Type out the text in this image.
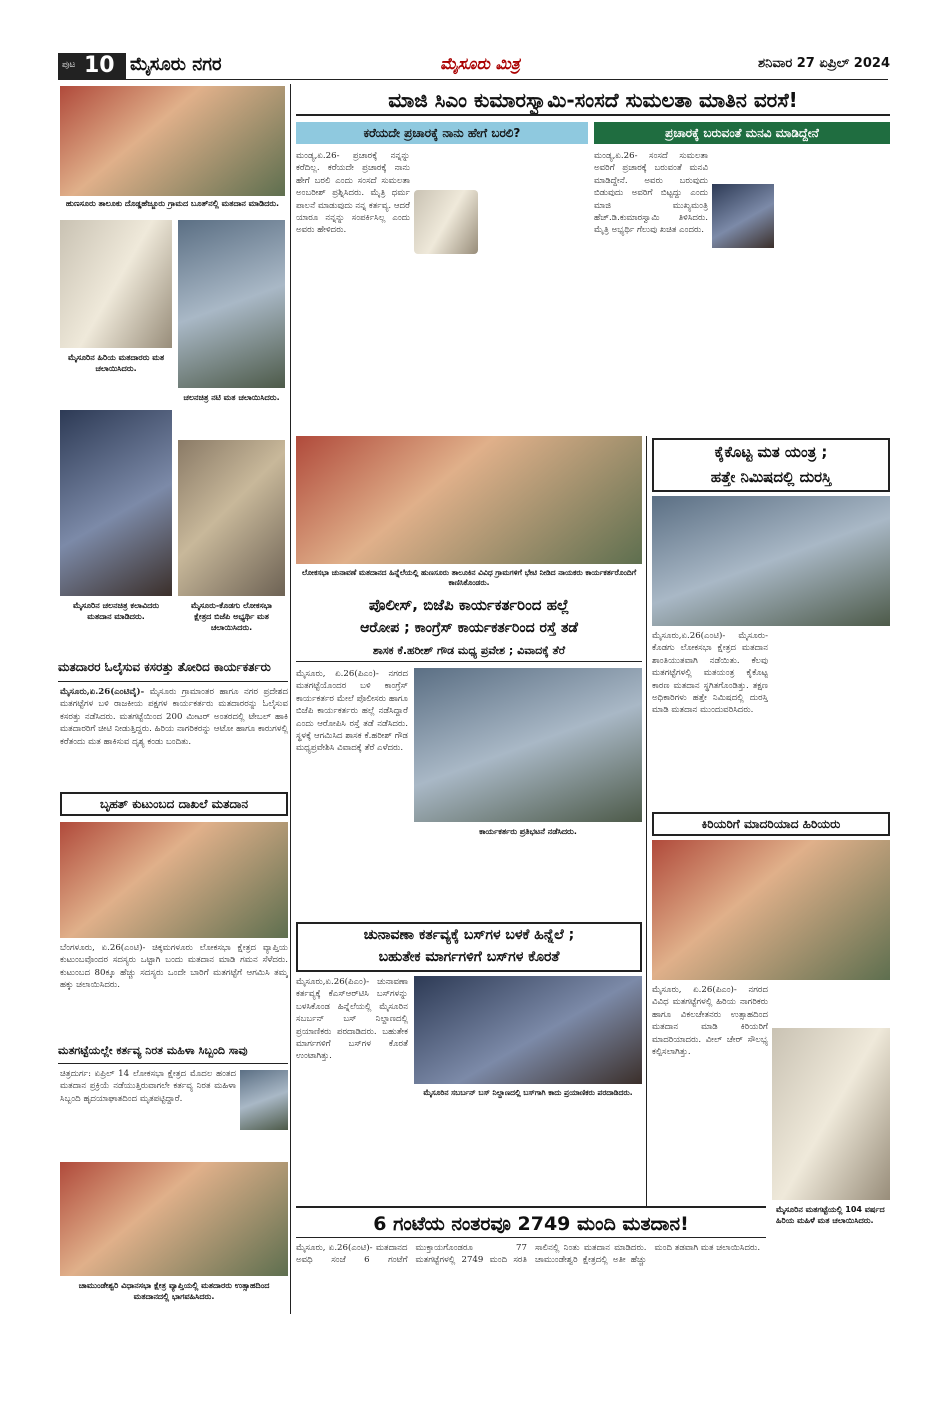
ಪುಟ 10 ಮೈಸೂರು ನಗರ	ಮೈಸೂರು ಮಿತ್ರ	ಶನಿವಾರ 27 ಏಪ್ರಿಲ್ 2024
ಹುಣಸೂರು ತಾಲೂಕು ದೊಡ್ಡಹೆಜ್ಜೂರು ಗ್ರಾಮದ ಬೂತ್‌ನಲ್ಲಿ ಮತದಾನ ಮಾಡಿದರು.
ಮೈಸೂರಿನ ಹಿರಿಯ ಮತದಾರರು ಮತ ಚಲಾಯಿಸಿದರು.
ಚಲನಚಿತ್ರ ನಟಿ ಮತ ಚಲಾಯಿಸಿದರು.
ಮೈಸೂರಿನ ಚಲನಚಿತ್ರ ಕಲಾವಿದರು ಮತದಾನ ಮಾಡಿದರು.
ಮೈಸೂರು-ಕೊಡಗು ಲೋಕಸಭಾ ಕ್ಷೇತ್ರದ ಬಿಜೆಪಿ ಅಭ್ಯರ್ಥಿ ಮತ ಚಲಾಯಿಸಿದರು.
ಮತದಾರರ ಓಲೈಸುವ ಕಸರತ್ತು ತೋರಿದ ಕಾರ್ಯಕರ್ತರು
ಮೈಸೂರು,ಏ.26(ಎಂಟಿವೈ)- ಮೈಸೂರು ಗ್ರಾಮಾಂತರ ಹಾಗೂ ನಗರ ಪ್ರದೇಶದ ಮತಗಟ್ಟೆಗಳ ಬಳಿ ರಾಜಕೀಯ ಪಕ್ಷಗಳ ಕಾರ್ಯಕರ್ತರು ಮತದಾರರನ್ನು ಓಲೈಸುವ ಕಸರತ್ತು ನಡೆಸಿದರು. ಮತಗಟ್ಟೆಯಿಂದ 200 ಮೀಟರ್ ಅಂತರದಲ್ಲಿ ಟೇಬಲ್ ಹಾಕಿ ಮತದಾರರಿಗೆ ಚೀಟಿ ನೀಡುತ್ತಿದ್ದರು. ಹಿರಿಯ ನಾಗರಿಕರನ್ನು ಆಟೋ ಹಾಗೂ ಕಾರುಗಳಲ್ಲಿ ಕರೆತಂದು ಮತ ಹಾಕಿಸುವ ದೃಶ್ಯ ಕಂಡು ಬಂದಿತು.
ಬೃಹತ್ ಕುಟುಂಬದ ದಾಖಲೆ ಮತದಾನ
ಬೆಂಗಳೂರು, ಏ.26(ಎಂಟಿ)- ಚಿಕ್ಕಮಗಳೂರು ಲೋಕಸಭಾ ಕ್ಷೇತ್ರದ ವ್ಯಾಪ್ತಿಯ ಕುಟುಂಬವೊಂದರ ಸದಸ್ಯರು ಒಟ್ಟಾಗಿ ಬಂದು ಮತದಾನ ಮಾಡಿ ಗಮನ ಸೆಳೆದರು. ಕುಟುಂಬದ 80ಕ್ಕೂ ಹೆಚ್ಚು ಸದಸ್ಯರು ಒಂದೇ ಬಾರಿಗೆ ಮತಗಟ್ಟೆಗೆ ಆಗಮಿಸಿ ತಮ್ಮ ಹಕ್ಕು ಚಲಾಯಿಸಿದರು.
ಮತಗಟ್ಟೆಯಲ್ಲೇ ಕರ್ತವ್ಯ ನಿರತ ಮಹಿಳಾ ಸಿಬ್ಬಂದಿ ಸಾವು
ಚಿತ್ರದುರ್ಗ: ಏಪ್ರಿಲ್ 14 ಲೋಕಸಭಾ ಕ್ಷೇತ್ರದ ಮೊದಲ ಹಂತದ ಮತದಾನ ಪ್ರಕ್ರಿಯೆ ನಡೆಯುತ್ತಿರುವಾಗಲೇ ಕರ್ತವ್ಯ ನಿರತ ಮಹಿಳಾ ಸಿಬ್ಬಂದಿ ಹೃದಯಾಘಾತದಿಂದ ಮೃತಪಟ್ಟಿದ್ದಾರೆ.
ಚಾಮುಂಡೇಶ್ವರಿ ವಿಧಾನಸಭಾ ಕ್ಷೇತ್ರ ವ್ಯಾಪ್ತಿಯಲ್ಲಿ ಮತದಾರರು ಉತ್ಸಾಹದಿಂದ ಮತದಾನದಲ್ಲಿ ಭಾಗವಹಿಸಿದರು.
ಮಾಜಿ ಸಿಎಂ ಕುಮಾರಸ್ವಾಮಿ-ಸಂಸದೆ ಸುಮಲತಾ ಮಾತಿನ ವರಸೆ!
ಕರೆಯದೇ ಪ್ರಚಾರಕ್ಕೆ ನಾನು ಹೇಗೆ ಬರಲಿ?	ಪ್ರಚಾರಕ್ಕೆ ಬರುವಂತೆ ಮನವಿ ಮಾಡಿದ್ದೇನೆ
ಮಂಡ್ಯ,ಏ.26- ಪ್ರಚಾರಕ್ಕೆ ನನ್ನನ್ನು ಕರೆದಿಲ್ಲ. ಕರೆಯದೇ ಪ್ರಚಾರಕ್ಕೆ ನಾನು ಹೇಗೆ ಬರಲಿ ಎಂದು ಸಂಸದೆ ಸುಮಲತಾ ಅಂಬರೀಶ್ ಪ್ರಶ್ನಿಸಿದರು. ಮೈತ್ರಿ ಧರ್ಮ ಪಾಲನೆ ಮಾಡುವುದು ನನ್ನ ಕರ್ತವ್ಯ. ಆದರೆ ಯಾರೂ ನನ್ನನ್ನು ಸಂಪರ್ಕಿಸಿಲ್ಲ ಎಂದು ಅವರು ಹೇಳಿದರು.
ಮಂಡ್ಯ,ಏ.26- ಸಂಸದೆ ಸುಮಲತಾ ಅವರಿಗೆ ಪ್ರಚಾರಕ್ಕೆ ಬರುವಂತೆ ಮನವಿ ಮಾಡಿದ್ದೇನೆ. ಅವರು ಬರುವುದು ಬಿಡುವುದು ಅವರಿಗೆ ಬಿಟ್ಟದ್ದು ಎಂದು ಮಾಜಿ ಮುಖ್ಯಮಂತ್ರಿ ಹೆಚ್.ಡಿ.ಕುಮಾರಸ್ವಾಮಿ ತಿಳಿಸಿದರು. ಮೈತ್ರಿ ಅಭ್ಯರ್ಥಿ ಗೆಲುವು ಖಚಿತ ಎಂದರು.
ಲೋಕಸಭಾ ಚುನಾವಣೆ ಮತದಾನದ ಹಿನ್ನೆಲೆಯಲ್ಲಿ ಹುಣಸೂರು ತಾಲೂಕಿನ ವಿವಿಧ ಗ್ರಾಮಗಳಿಗೆ ಭೇಟಿ ನೀಡಿದ ನಾಯಕರು ಕಾರ್ಯಕರ್ತರೊಂದಿಗೆ ಕಾಣಿಸಿಕೊಂಡರು.
ಪೊಲೀಸ್, ಬಿಜೆಪಿ ಕಾರ್ಯಕರ್ತರಿಂದ ಹಲ್ಲೆ
ಆರೋಪ ; ಕಾಂಗ್ರೆಸ್ ಕಾರ್ಯಕರ್ತರಿಂದ ರಸ್ತೆ ತಡೆ
ಶಾಸಕ ಕೆ.ಹರೀಶ್ ಗೌಡ ಮಧ್ಯ ಪ್ರವೇಶ ; ವಿವಾದಕ್ಕೆ ತೆರೆ
ಮೈಸೂರು, ಏ.26(ಪಿಎಂ)- ನಗರದ ಮತಗಟ್ಟೆಯೊಂದರ ಬಳಿ ಕಾಂಗ್ರೆಸ್ ಕಾರ್ಯಕರ್ತರ ಮೇಲೆ ಪೊಲೀಸರು ಹಾಗೂ ಬಿಜೆಪಿ ಕಾರ್ಯಕರ್ತರು ಹಲ್ಲೆ ನಡೆಸಿದ್ದಾರೆ ಎಂದು ಆರೋಪಿಸಿ ರಸ್ತೆ ತಡೆ ನಡೆಸಿದರು. ಸ್ಥಳಕ್ಕೆ ಆಗಮಿಸಿದ ಶಾಸಕ ಕೆ.ಹರೀಶ್ ಗೌಡ ಮಧ್ಯಪ್ರವೇಶಿಸಿ ವಿವಾದಕ್ಕೆ ತೆರೆ ಎಳೆದರು.
ಕಾರ್ಯಕರ್ತರು ಪ್ರತಿಭಟನೆ ನಡೆಸಿದರು.
ಚುನಾವಣಾ ಕರ್ತವ್ಯಕ್ಕೆ ಬಸ್‌ಗಳ ಬಳಕೆ ಹಿನ್ನೆಲೆ ;
ಬಹುತೇಕ ಮಾರ್ಗಗಳಿಗೆ ಬಸ್‌ಗಳ ಕೊರತೆ
ಮೈಸೂರು,ಏ.26(ಪಿಎಂ)- ಚುನಾವಣಾ ಕರ್ತವ್ಯಕ್ಕೆ ಕೆಎಸ್‌ಆರ್‌ಟಿಸಿ ಬಸ್‌ಗಳನ್ನು ಬಳಸಿಕೊಂಡ ಹಿನ್ನೆಲೆಯಲ್ಲಿ ಮೈಸೂರಿನ ಸಬರ್ಬನ್ ಬಸ್ ನಿಲ್ದಾಣದಲ್ಲಿ ಪ್ರಯಾಣಿಕರು ಪರದಾಡಿದರು. ಬಹುತೇಕ ಮಾರ್ಗಗಳಿಗೆ ಬಸ್‌ಗಳ ಕೊರತೆ ಉಂಟಾಗಿತ್ತು.
ಮೈಸೂರಿನ ಸಬರ್ಬನ್ ಬಸ್ ನಿಲ್ದಾಣದಲ್ಲಿ ಬಸ್‌ಗಾಗಿ ಕಾದು ಪ್ರಯಾಣಿಕರು ಪರದಾಡಿದರು.
6 ಗಂಟೆಯ ನಂತರವೂ 2749 ಮಂದಿ ಮತದಾನ!
ಮೈಸೂರು, ಏ.26(ಎಂಟಿ)- ಮತದಾನದ ಅವಧಿ ಸಂಜೆ 6 ಗಂಟೆಗೆ ಮುಕ್ತಾಯಗೊಂಡರೂ 77 ಮತಗಟ್ಟೆಗಳಲ್ಲಿ 2749 ಮಂದಿ ಸರತಿ ಸಾಲಿನಲ್ಲಿ ನಿಂತು ಮತದಾನ ಮಾಡಿದರು. ಚಾಮುಂಡೇಶ್ವರಿ ಕ್ಷೇತ್ರದಲ್ಲಿ ಅತೀ ಹೆಚ್ಚು ಮಂದಿ ತಡವಾಗಿ ಮತ ಚಲಾಯಿಸಿದರು.
ಕೈಕೊಟ್ಟ ಮತ ಯಂತ್ರ ;
ಹತ್ತೇ ನಿಮಿಷದಲ್ಲಿ ದುರಸ್ತಿ
ಮೈಸೂರು,ಏ.26(ಎಂಟಿ)- ಮೈಸೂರು-ಕೊಡಗು ಲೋಕಸಭಾ ಕ್ಷೇತ್ರದ ಮತದಾನ ಶಾಂತಿಯುತವಾಗಿ ನಡೆಯಿತು. ಕೆಲವು ಮತಗಟ್ಟೆಗಳಲ್ಲಿ ಮತಯಂತ್ರ ಕೈಕೊಟ್ಟ ಕಾರಣ ಮತದಾನ ಸ್ಥಗಿತಗೊಂಡಿತ್ತು. ತಕ್ಷಣ ಅಧಿಕಾರಿಗಳು ಹತ್ತೇ ನಿಮಿಷದಲ್ಲಿ ದುರಸ್ತಿ ಮಾಡಿ ಮತದಾನ ಮುಂದುವರಿಸಿದರು.
ಕಿರಿಯರಿಗೆ ಮಾದರಿಯಾದ ಹಿರಿಯರು
ಮೈಸೂರು, ಏ.26(ಪಿಎಂ)- ನಗರದ ವಿವಿಧ ಮತಗಟ್ಟೆಗಳಲ್ಲಿ ಹಿರಿಯ ನಾಗರಿಕರು ಹಾಗೂ ವಿಕಲಚೇತನರು ಉತ್ಸಾಹದಿಂದ ಮತದಾನ ಮಾಡಿ ಕಿರಿಯರಿಗೆ ಮಾದರಿಯಾದರು. ವೀಲ್ ಚೇರ್ ಸೌಲಭ್ಯ ಕಲ್ಪಿಸಲಾಗಿತ್ತು.
ಮೈಸೂರಿನ ಮತಗಟ್ಟೆಯಲ್ಲಿ 104 ವರ್ಷದ ಹಿರಿಯ ಮಹಿಳೆ ಮತ ಚಲಾಯಿಸಿದರು.
